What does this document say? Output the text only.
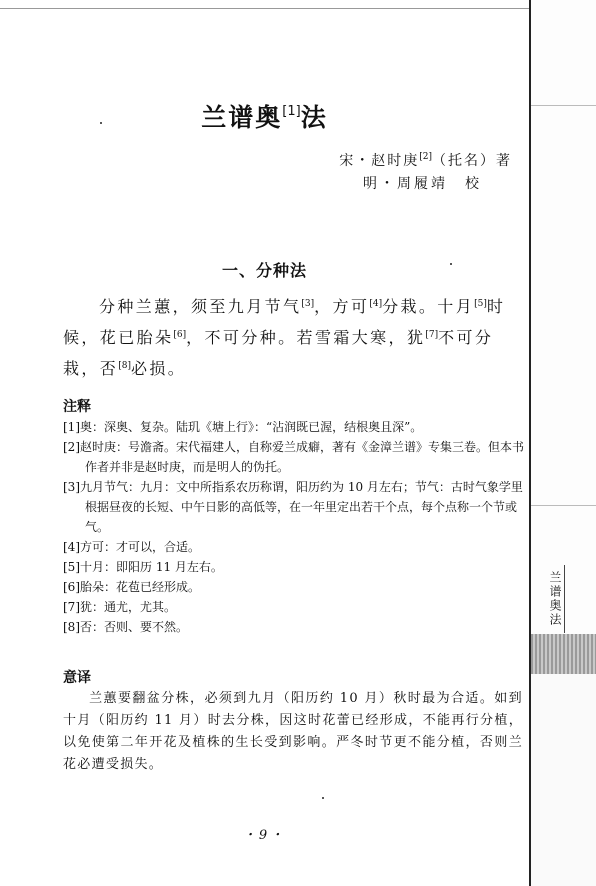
兰谱奥法
兰谱奥[1]法
宋・赵时庚[2]（托名）著
明・周履靖　校
一、分种法
分种兰蕙，须至九月节气[3]，方可[4]分栽。十月[5]时候，花已胎朵[6]，不可分种。若雪霜大寒，犹[7]不可分栽，否[8]必损。
注释

[1]奥：深奥、复杂。陆玑《塘上行》：“沾润既已渥，结根奥且深”。

[2]赵时庚：号澹斋。宋代福建人，自称爱兰成癖，著有《金漳兰谱》专集三卷。但本书作者并非是赵时庚，而是明人的伪托。

[3]九月节气：九月：文中所指系农历称谓，阳历约为 10 月左右；节气：古时气象学里根据昼夜的长短、中午日影的高低等，在一年里定出若干个点，每个点称一个节或气。

[4]方可：才可以，合适。

[5]十月：即阳历 11 月左右。

[6]胎朵：花苞已经形成。

[7]犹：通尤，尤其。

[8]否：否则、要不然。

意译
兰蕙要翻盆分株，必须到九月（阳历约 10 月）秋时最为合适。如到十月（阳历约 11 月）时去分株，因这时花蕾已经形成，不能再行分植，以免使第二年开花及植株的生长受到影响。严冬时节更不能分植，否则兰花必遭受损失。
・9・
